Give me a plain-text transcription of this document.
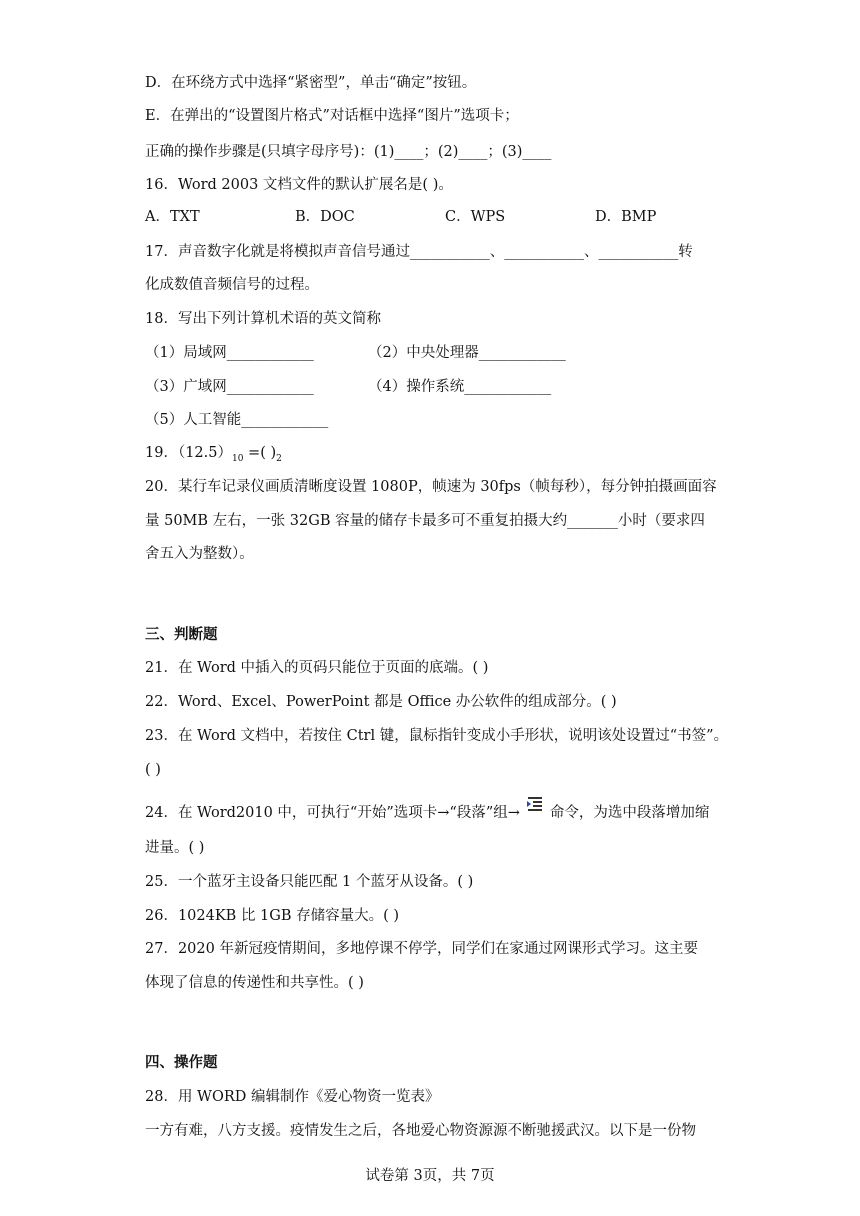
D．在环绕方式中选择“紧密型”，单击“确定”按钮。
E．在弹出的“设置图片格式”对话框中选择“图片”选项卡；
正确的操作步骤是(只填字母序号)：(1)____；(2)____；(3)____
16．Word 2003 文档文件的默认扩展名是( )。
A．TXT	B．DOC	C．WPS	D．BMP
17．声音数字化就是将模拟声音信号通过___________、___________、___________转
化成数值音频信号的过程。
18．写出下列计算机术语的英文简称
（1）局域网____________	（2）中央处理器____________
（3）广域网____________	（4）操作系统____________
（5）人工智能____________
19．$(12.5)_{10}$ =( )$_2$
20．某行车记录仪画质清晰度设置 1080P，帧速为 30fps（帧每秒），每分钟拍摄画面容
量 50MB 左右，一张 32GB 容量的储存卡最多可不重复拍摄大约_______小时（要求四
舍五入为整数）。
三、判断题
21．在 Word 中插入的页码只能位于页面的底端。( )
22．Word、Excel、PowerPoint 都是 Office 办公软件的组成部分。( )
23．在 Word 文档中，若按住 Ctrl 键，鼠标指针变成小手形状，说明该处设置过“书签”。
( )
24．在 Word2010 中，可执行“开始”选项卡→“段落”组→ 命令，为选中段落增加缩
进量。( )
25．一个蓝牙主设备只能匹配 1 个蓝牙从设备。( )
26．1024KB 比 1GB 存储容量大。( )
27．2020 年新冠疫情期间，多地停课不停学，同学们在家通过网课形式学习。这主要
体现了信息的传递性和共享性。( )
四、操作题
28．用 WORD 编辑制作《爱心物资一览表》
一方有难，八方支援。疫情发生之后，各地爱心物资源源不断驰援武汉。以下是一份物
试卷第 3页，共 7页
